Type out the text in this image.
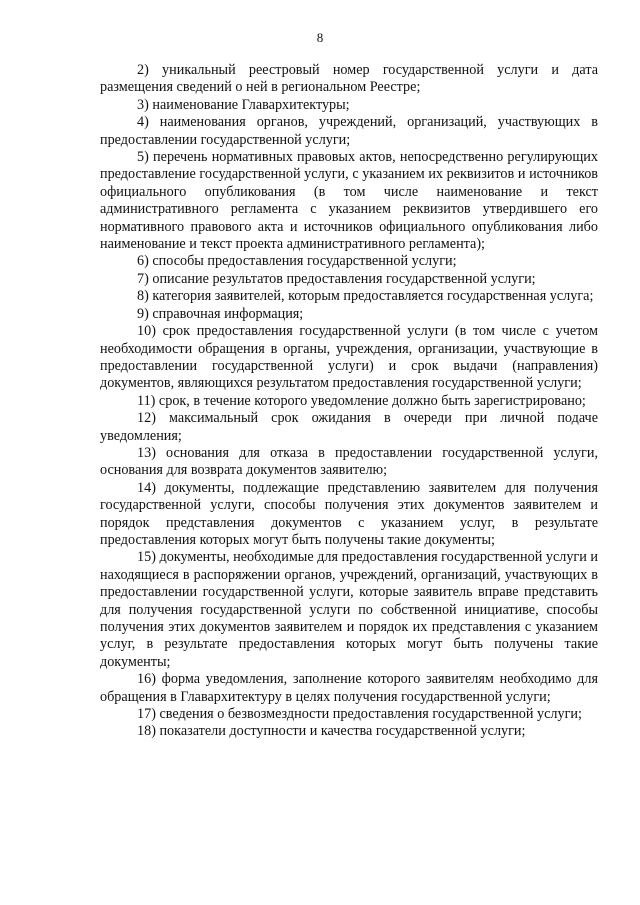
8

2) уникальный реестровый номер государственной услуги и дата размещения сведений о ней в региональном Реестре;

3) наименование Главархитектуры;

4) наименования органов, учреждений, организаций, участвующих в предоставлении государственной услуги;

5) перечень нормативных правовых актов, непосредственно регулирующих предоставление государственной услуги, с указанием их реквизитов и источников официального опубликования (в том числе наименование и текст административного регламента с указанием реквизитов утвердившего его нормативного правового акта и источников официального опубликования либо наименование и текст проекта административного регламента);

6) способы предоставления государственной услуги;

7) описание результатов предоставления государственной услуги;

8) категория заявителей, которым предоставляется государственная услуга;

9) справочная информация;

10) срок предоставления государственной услуги (в том числе с учетом необходимости обращения в органы, учреждения, организации, участвующие в предоставлении государственной услуги) и срок выдачи (направления) документов, являющихся результатом предоставления государственной услуги;

11) срок, в течение которого уведомление должно быть зарегистрировано;

12) максимальный срок ожидания в очереди при личной подаче уведомления;

13) основания для отказа в предоставлении государственной услуги, основания для возврата документов заявителю;

14) документы, подлежащие представлению заявителем для получения государственной услуги, способы получения этих документов заявителем и порядок представления документов с указанием услуг, в результате предоставления которых могут быть получены такие документы;

15) документы, необходимые для предоставления государственной услуги и находящиеся в распоряжении органов, учреждений, организаций, участвующих в предоставлении государственной услуги, которые заявитель вправе представить для получения государственной услуги по собственной инициативе, способы получения этих документов заявителем и порядок их представления с указанием услуг, в результате предоставления которых могут быть получены такие документы;

16) форма уведомления, заполнение которого заявителям необходимо для обращения в Главархитектуру в целях получения государственной услуги;

17) сведения о безвозмездности предоставления государственной услуги;

18) показатели доступности и качества государственной услуги;
